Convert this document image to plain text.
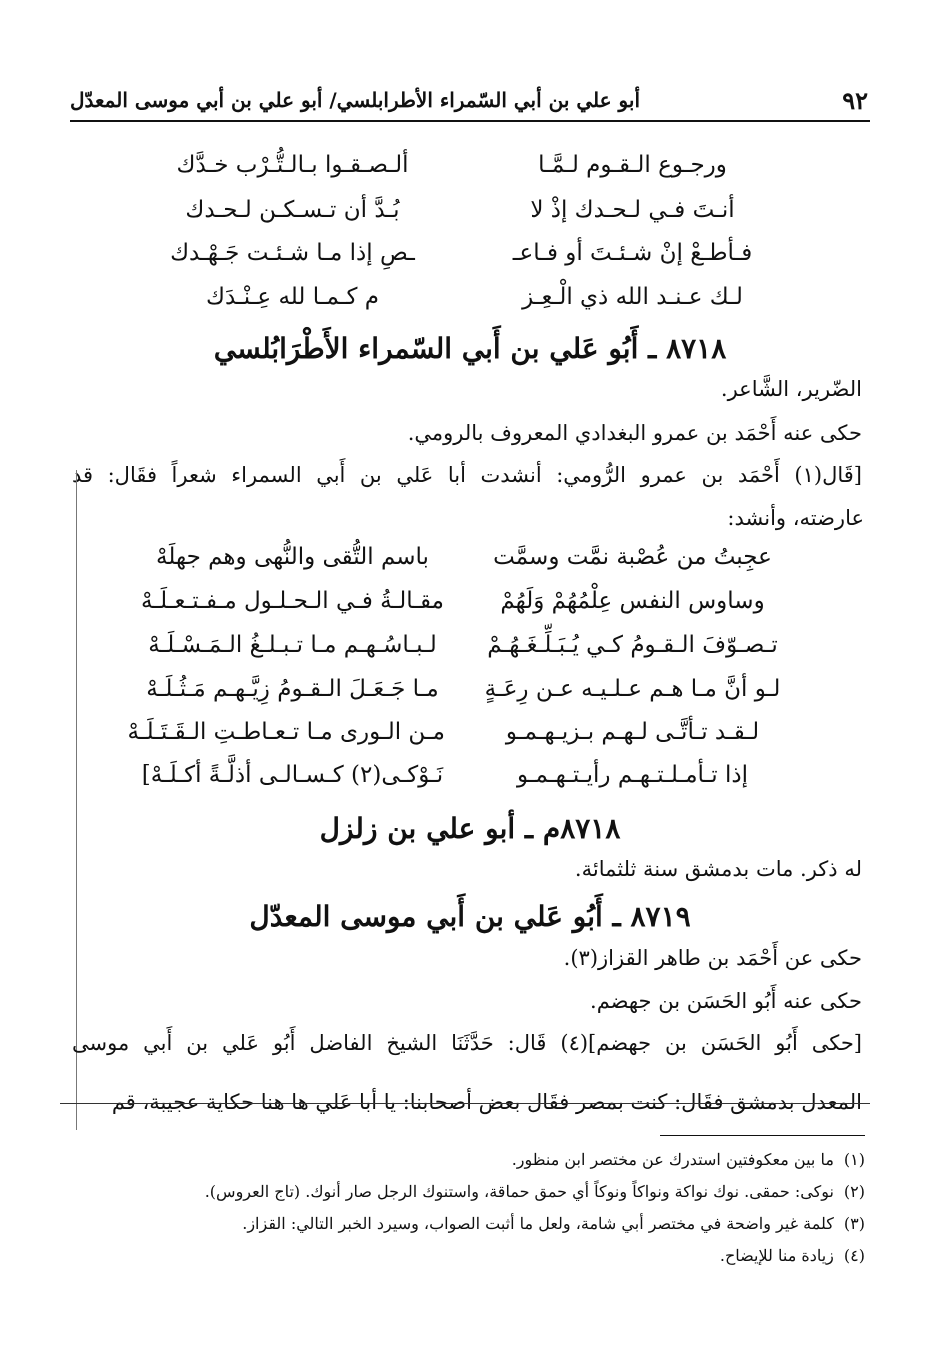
٩٢
أبو علي بن أبي السّمراء الأطرابلسي/ أبو علي بن أبي موسى المعدّل
ورجـوع الـقـوم لـمَّـا
ألـصـقـوا بـالـتُّـرْب خـدَّك
أنـتَ فـي لـحـدك إذْ لا
بُـدَّ أن تـسـكـن لـحـدك
فـأطـعْ إنْ شـئـتَ أو فـاعـ
ـصِ إذا مـا شـئـت جَـهْـدك
لـك عـنـد الله ذي الْـعِـز
م كـمـا لله عِـنْـدَك
٨٧١٨ ـ أَبُو عَلي بن أَبي السّمراء الأَطْرَابُلسي
الضّرير، الشَّاعر.
حكى عنه أَحْمَد بن عمرو البغدادي المعروف بالرومي.
[قَال(١) أَحْمَد بن عمرو الرُّومي: أنشدت أبا عَلي بن أَبي السمراء شعراً فقَال: قد
عارضته، وأنشد:
عجِبتُ من عُصْبة نمَّت وسمَّت
باسم التُّقى والنُّهى وهم جهلَهْ
وساوس النفس عِلْمُهُمْ وَلَهُمْ
مقـالـةُ فـي الـحـلـول مـفـتـعـلَـهْ
تـصـوّفَ الـقـومُ كـي يُـبَـلِّـغَـهُـمْ
لـبـاسُـهـم مـا تـبـلـغُ الـمَـسْـلَـهْ
لـو أنَّ مـا هـم عـلـيـه عـن رِعَـةٍ
مـا جَـعَـلَ الـقـومُ زِيَّـهـم مَـثُـلَـهْ
لـقـد تـأتَّـى لـهـم بـزيـهـمـو
مـن الـورى مـا تـعـاطـتِ الـقَـتَـلَـهْ
إذا تـأمـلـتـهـم رأيـتـهـمـو
نَـوْكـى(٢) كـسـالـى أذلَّـةً أكـلَـهْ]
٨٧١٨م ـ أبو علي بن زلزل
له ذكر. مات بدمشق سنة ثلثمائة.
٨٧١٩ ـ أَبُو عَلي بن أَبي موسى المعدّل
حكى عن أَحْمَد بن طاهر القزاز(٣).
حكى عنه أَبُو الحَسَن بن جهضم.
[حكى أَبُو الحَسَن بن جهضم](٤) قَال: حَدَّثَنَا الشيخ الفاضل أَبُو عَلي بن أَبي موسى
المعدل بدمشق فقَال: كنت بمصر فقَال بعض أصحابنا: يا أبا عَلي ها هنا حكاية عجيبة، قم
(١)ما بين معكوفتين استدرك عن مختصر ابن منظور.
(٢)نوكى: حمقى. نوك نواكة ونواكاً ونوكاً أي حمق حماقة، واستنوك الرجل صار أنوك. (تاج العروس).
(٣)كلمة غير واضحة في مختصر أبي شامة، ولعل ما أثبت الصواب، وسيرد الخبر التالي: القزاز.
(٤)زيادة منا للإيضاح.
